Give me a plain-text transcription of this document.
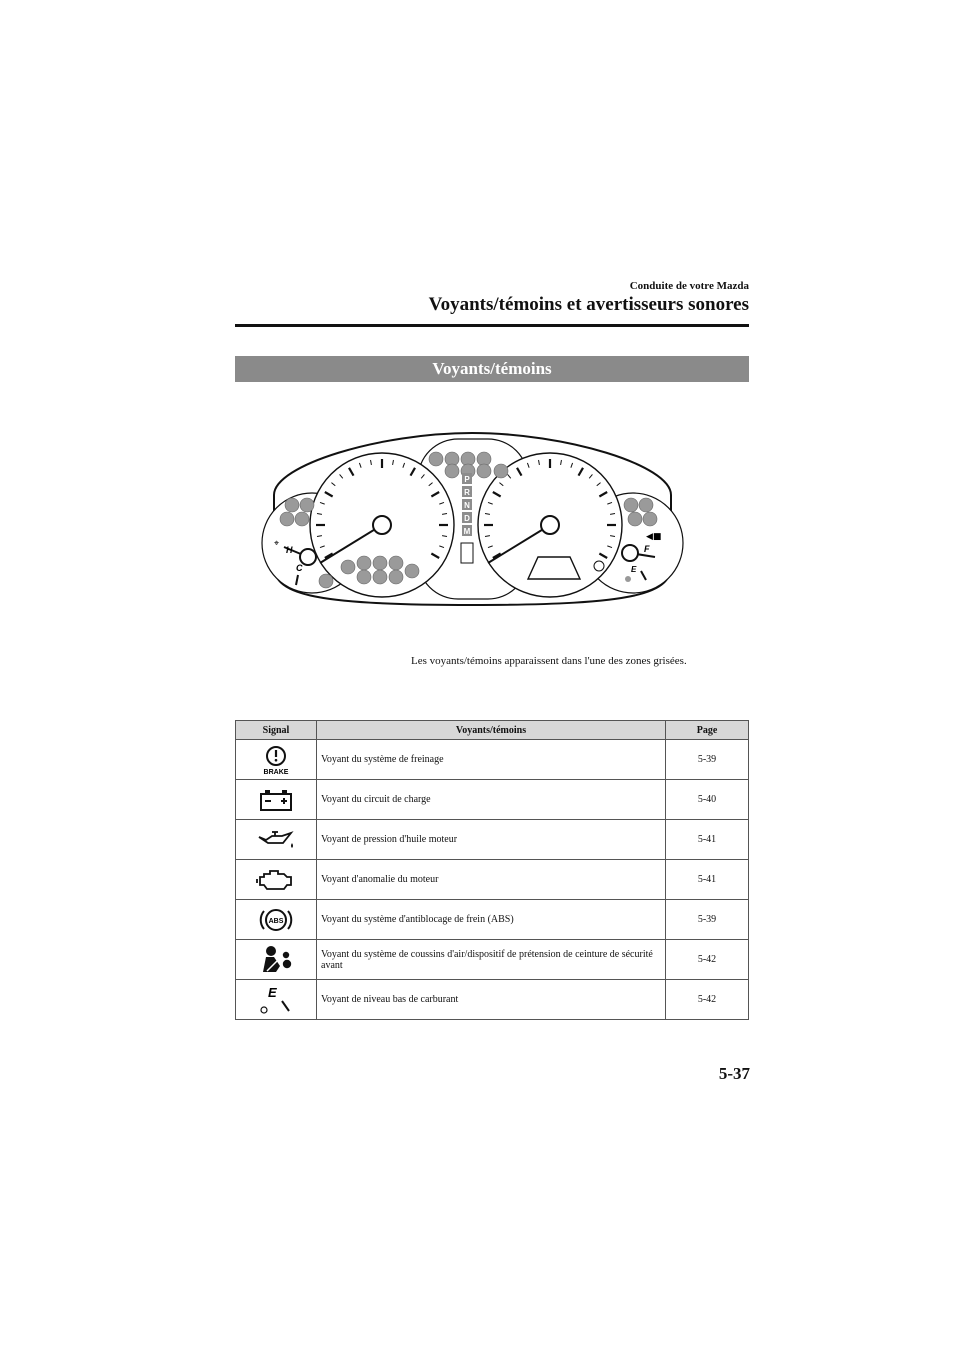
Conduite de votre Mazda
Voyants/témoins et avertisseurs sonores
Voyants/témoins
H
C
F
E
⌖
◀■
P
R
N
D
M
Les voyants/témoins apparaissent dans l'une des zones grisées.
Signal	Voyants/témoins	Page

BRAKE	Voyant du système de freinage	5-39

	Voyant du circuit de charge	5-40

	Voyant de pression d'huile moteur	5-41

	Voyant d'anomalie du moteur	5-41

ABS	Voyant du système d'antiblocage de frein (ABS)	5-39

	Voyant du système de coussins d'air/dispositif de prétension de ceinture de sécurité avant	5-42

E	Voyant de niveau bas de carburant	5-42
5-37
